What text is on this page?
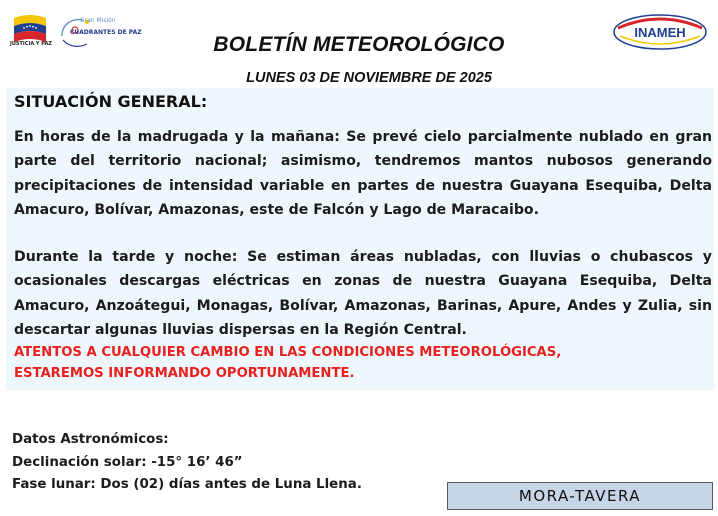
JUSTICIA Y PAZ
Gran Misión
CUADRANTES DE PAZ	INAMEH
BOLETÍN METEOROLÓGICO
LUNES 03 DE NOVIEMBRE DE 2025
SITUACIÓN GENERAL:
En horas de la madrugada y la mañana: Se prevé cielo parcialmente nublado en gran parte del territorio nacional; asimismo, tendremos mantos nubosos generando precipitaciones de intensidad variable en partes de nuestra Guayana Esequiba, Delta Amacuro, Bolívar, Amazonas, este de Falcón y Lago de Maracaibo.
Durante la tarde y noche: Se estiman áreas nubladas, con lluvias o chubascos y ocasionales descargas eléctricas en zonas de nuestra Guayana Esequiba, Delta Amacuro, Anzoátegui, Monagas, Bolívar, Amazonas, Barinas, Apure, Andes y Zulia, sin descartar algunas lluvias dispersas en la Región Central.
ATENTOS A CUALQUIER CAMBIO EN LAS CONDICIONES METEOROLÓGICAS,
ESTAREMOS INFORMANDO OPORTUNAMENTE.
Datos Astronómicos:
Declinación solar: -15° 16’ 46”
Fase lunar: Dos (02) días antes de Luna Llena.
MORA-TAVERA
